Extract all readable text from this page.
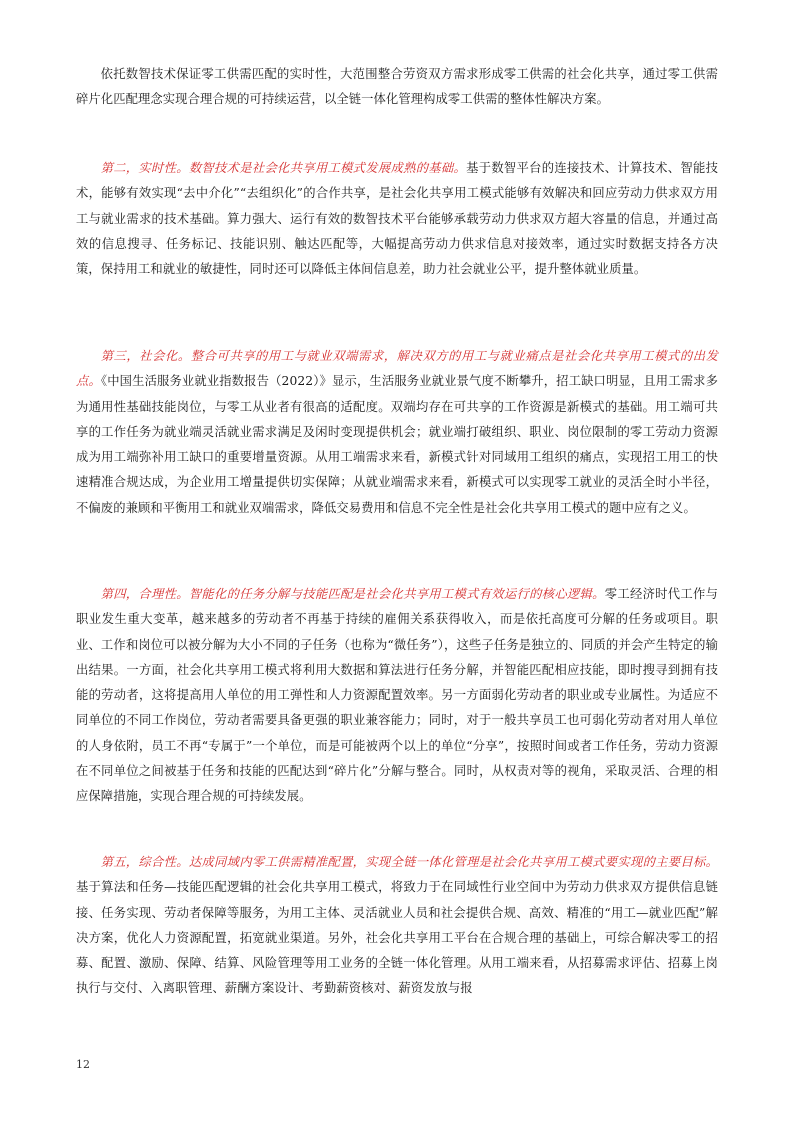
依托数智技术保证零工供需匹配的实时性，大范围整合劳资双方需求形成零工供需的社会化共享，通过零工供需碎片化匹配理念实现合理合规的可持续运营，以全链一体化管理构成零工供需的整体性解决方案。

第二，实时性。数智技术是社会化共享用工模式发展成熟的基础。基于数智平台的连接技术、计算技术、智能技术，能够有效实现“去中介化”“去组织化”的合作共享，是社会化共享用工模式能够有效解决和回应劳动力供求双方用工与就业需求的技术基础。算力强大、运行有效的数智技术平台能够承载劳动力供求双方超大容量的信息，并通过高效的信息搜寻、任务标记、技能识别、触达匹配等，大幅提高劳动力供求信息对接效率，通过实时数据支持各方决策，保持用工和就业的敏捷性，同时还可以降低主体间信息差，助力社会就业公平，提升整体就业质量。

第三，社会化。整合可共享的用工与就业双端需求，解决双方的用工与就业痛点是社会化共享用工模式的出发点。《中国生活服务业就业指数报告（2022）》显示，生活服务业就业景气度不断攀升，招工缺口明显，且用工需求多为通用性基础技能岗位，与零工从业者有很高的适配度。双端均存在可共享的工作资源是新模式的基础。用工端可共享的工作任务为就业端灵活就业需求满足及闲时变现提供机会；就业端打破组织、职业、岗位限制的零工劳动力资源成为用工端弥补用工缺口的重要增量资源。从用工端需求来看，新模式针对同域用工组织的痛点，实现招工用工的快速精准合规达成，为企业用工增量提供切实保障；从就业端需求来看，新模式可以实现零工就业的灵活全时小半径，不偏废的兼顾和平衡用工和就业双端需求，降低交易费用和信息不完全性是社会化共享用工模式的题中应有之义。

第四，合理性。智能化的任务分解与技能匹配是社会化共享用工模式有效运行的核心逻辑。零工经济时代工作与职业发生重大变革，越来越多的劳动者不再基于持续的雇佣关系获得收入，而是依托高度可分解的任务或项目。职业、工作和岗位可以被分解为大小不同的子任务（也称为“微任务”），这些子任务是独立的、同质的并会产生特定的输出结果。一方面，社会化共享用工模式将利用大数据和算法进行任务分解，并智能匹配相应技能，即时搜寻到拥有技能的劳动者，这将提高用人单位的用工弹性和人力资源配置效率。另一方面弱化劳动者的职业或专业属性。为适应不同单位的不同工作岗位，劳动者需要具备更强的职业兼容能力；同时，对于一般共享员工也可弱化劳动者对用人单位的人身依附，员工不再“专属于”一个单位，而是可能被两个以上的单位“分享”，按照时间或者工作任务，劳动力资源在不同单位之间被基于任务和技能的匹配达到“碎片化”分解与整合。同时，从权责对等的视角，采取灵活、合理的相应保障措施，实现合理合规的可持续发展。

第五，综合性。达成同域内零工供需精准配置，实现全链一体化管理是社会化共享用工模式要实现的主要目标。基于算法和任务—技能匹配逻辑的社会化共享用工模式，将致力于在同域性行业空间中为劳动力供求双方提供信息链接、任务实现、劳动者保障等服务，为用工主体、灵活就业人员和社会提供合规、高效、精准的“用工—就业匹配”解决方案，优化人力资源配置，拓宽就业渠道。另外，社会化共享用工平台在合规合理的基础上，可综合解决零工的招募、配置、激励、保障、结算、风险管理等用工业务的全链一体化管理。从用工端来看，从招募需求评估、招募上岗执行与交付、入离职管理、薪酬方案设计、考勤薪资核对、薪资发放与报

12
